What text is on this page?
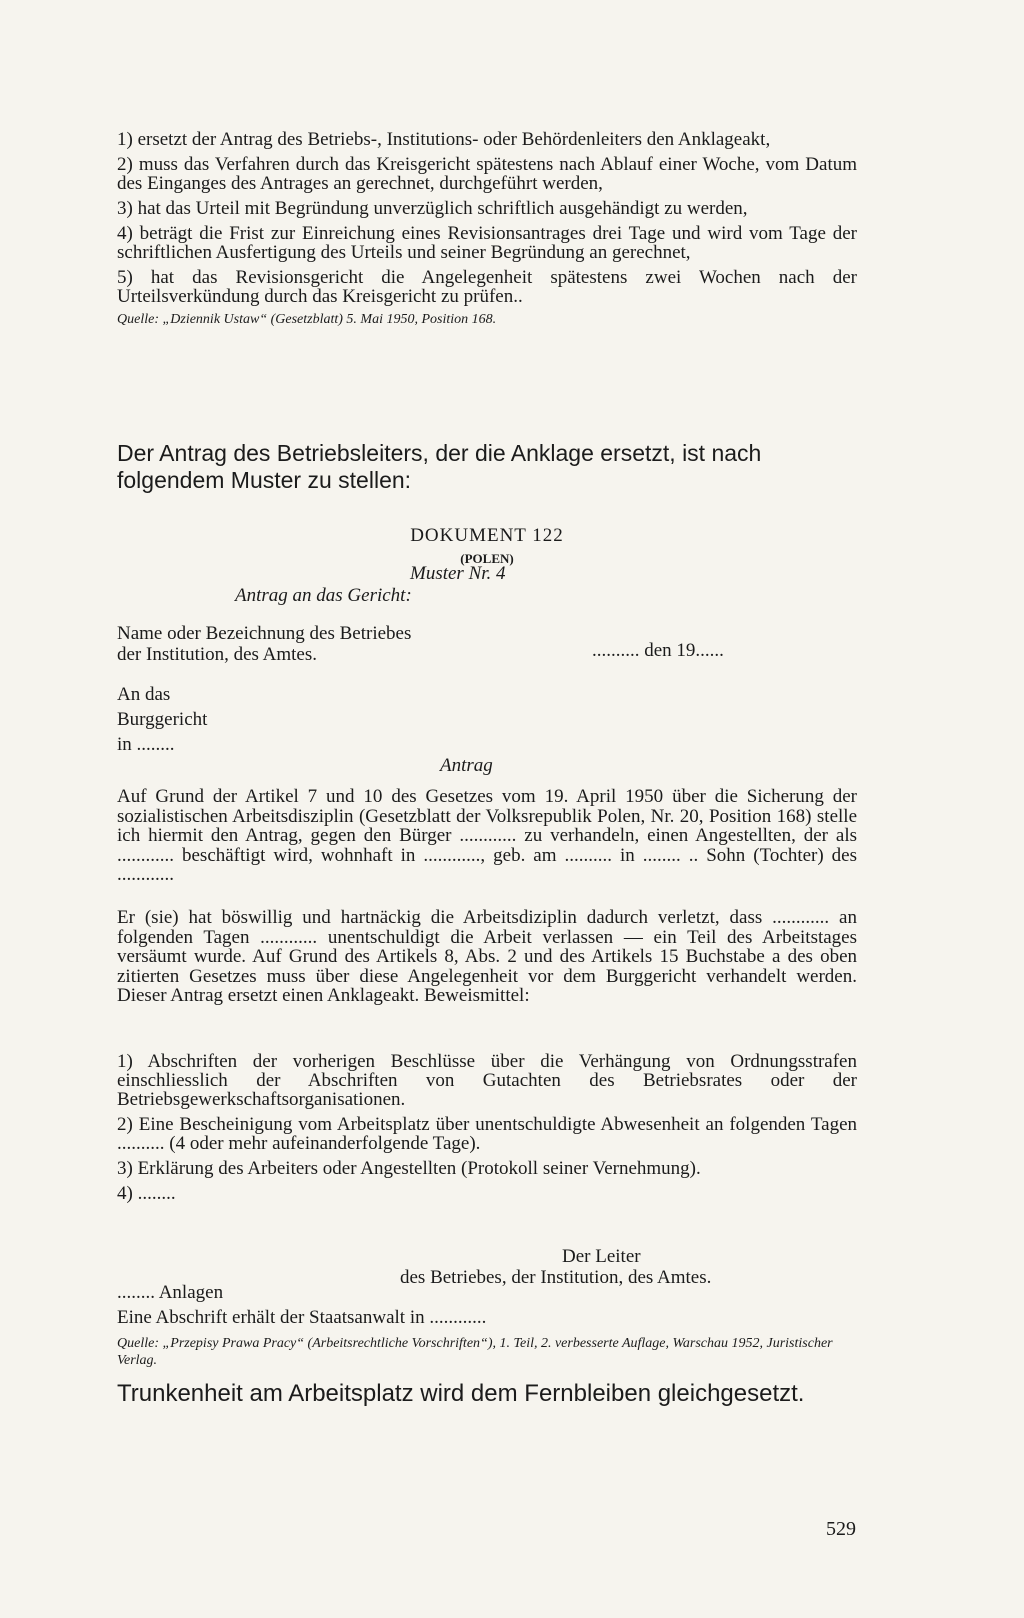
1) ersetzt der Antrag des Betriebs-, Institutions- oder Behördenleiters den Anklageakt,

2) muss das Verfahren durch das Kreisgericht spätestens nach Ablauf einer Woche, vom Datum des Einganges des Antrages an gerechnet, durchgeführt werden,

3) hat das Urteil mit Begründung unverzüglich schriftlich ausgehändigt zu werden,

4) beträgt die Frist zur Einreichung eines Revisionsantrages drei Tage und wird vom Tage der schriftlichen Ausfertigung des Urteils und seiner Begründung an gerechnet,

5) hat das Revisionsgericht die Angelegenheit spätestens zwei Wochen nach der Urteilsverkündung durch das Kreisgericht zu prüfen..

Quelle: „Dziennik Ustaw“ (Gesetzblatt) 5. Mai 1950, Position 168.
Der Antrag des Betriebsleiters, der die Anklage ersetzt, ist nach folgendem Muster zu stellen:
DOKUMENT 122
(POLEN)
Muster Nr. 4
Antrag an das Gericht:
Name oder Bezeichnung des Betriebes
der Institution, des Amtes.	.......... den 19......
An das
Burggericht
in ........
Antrag
Auf Grund der Artikel 7 und 10 des Gesetzes vom 19. April 1950 über die Sicherung der sozialistischen Arbeitsdisziplin (Gesetzblatt der Volksrepublik Polen, Nr. 20, Position 168) stelle ich hiermit den Antrag, gegen den Bürger ............ zu verhandeln, einen Angestellten, der als ............ beschäftigt wird, wohnhaft in ............, geb. am .......... in ........ .. Sohn (Tochter) des ............
Er (sie) hat böswillig und hartnäckig die Arbeitsdiziplin dadurch verletzt, dass ............ an folgenden Tagen ............ unentschuldigt die Arbeit verlassen — ein Teil des Arbeitstages versäumt wurde. Auf Grund des Artikels 8, Abs. 2 und des Artikels 15 Buchstabe a des oben zitierten Gesetzes muss über diese Angelegenheit vor dem Burggericht verhandelt werden. Dieser Antrag ersetzt einen Anklageakt. Beweismittel:

1) Abschriften der vorherigen Beschlüsse über die Verhängung von Ordnungsstrafen einschliesslich der Abschriften von Gutachten des Betriebsrates oder der Betriebsgewerkschaftsorganisationen.

2) Eine Bescheinigung vom Arbeitsplatz über unentschuldigte Abwesenheit an folgenden Tagen .......... (4 oder mehr aufeinanderfolgende Tage).

3) Erklärung des Arbeiters oder Angestellten (Protokoll seiner Vernehmung).

4) ........

Der Leiter
des Betriebes, der Institution, des Amtes.
........ Anlagen
Eine Abschrift erhält der Staatsanwalt in ............
Quelle: „Przepisy Prawa Pracy“ (Arbeitsrechtliche Vorschriften“), 1. Teil, 2. verbesserte Auflage, Warschau 1952, Juristischer Verlag.
Trunkenheit am Arbeitsplatz wird dem Fernbleiben gleichgesetzt.
529
